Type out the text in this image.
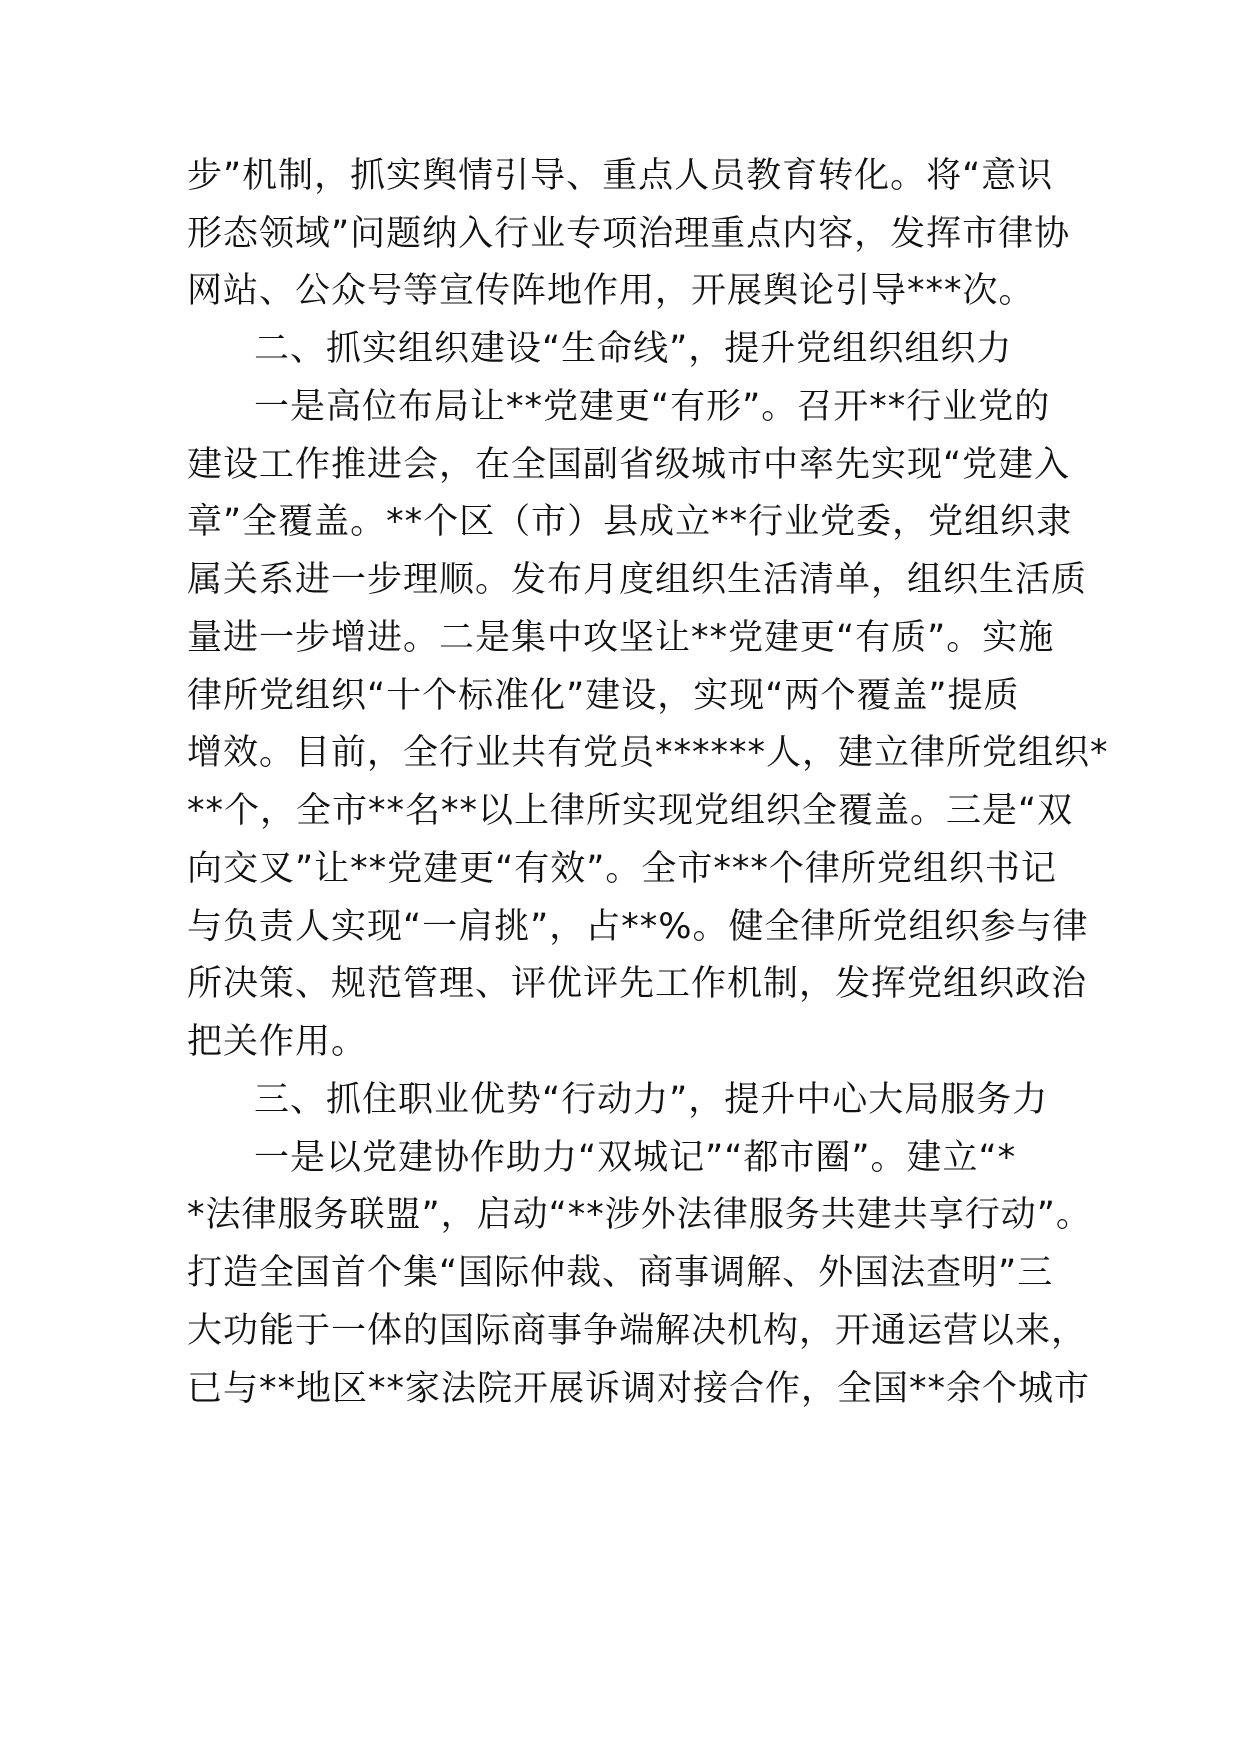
步”机制，抓实舆情引导、重点人员教育转化。将“意识
形态领域”问题纳入行业专项治理重点内容，发挥市律协
网站、公众号等宣传阵地作用，开展舆论引导***次。
二、抓实组织建设“生命线”，提升党组织组织力
一是高位布局让**党建更“有形”。召开**行业党的
建设工作推进会，在全国副省级城市中率先实现“党建入
章”全覆盖。**个区（市）县成立**行业党委，党组织隶
属关系进一步理顺。发布月度组织生活清单，组织生活质
量进一步增进。二是集中攻坚让**党建更“有质”。实施
律所党组织“十个标准化”建设，实现“两个覆盖”提质
增效。目前，全行业共有党员******人，建立律所党组织*
**个，全市**名**以上律所实现党组织全覆盖。三是“双
向交叉”让**党建更“有效”。全市***个律所党组织书记
与负责人实现“一肩挑”，占**%。健全律所党组织参与律
所决策、规范管理、评优评先工作机制，发挥党组织政治
把关作用。
三、抓住职业优势“行动力”，提升中心大局服务力
一是以党建协作助力“双城记”“都市圈”。建立“*
*法律服务联盟”，启动“**涉外法律服务共建共享行动”。
打造全国首个集“国际仲裁、商事调解、外国法查明”三
大功能于一体的国际商事争端解决机构，开通运营以来，
已与**地区**家法院开展诉调对接合作，全国**余个城市
